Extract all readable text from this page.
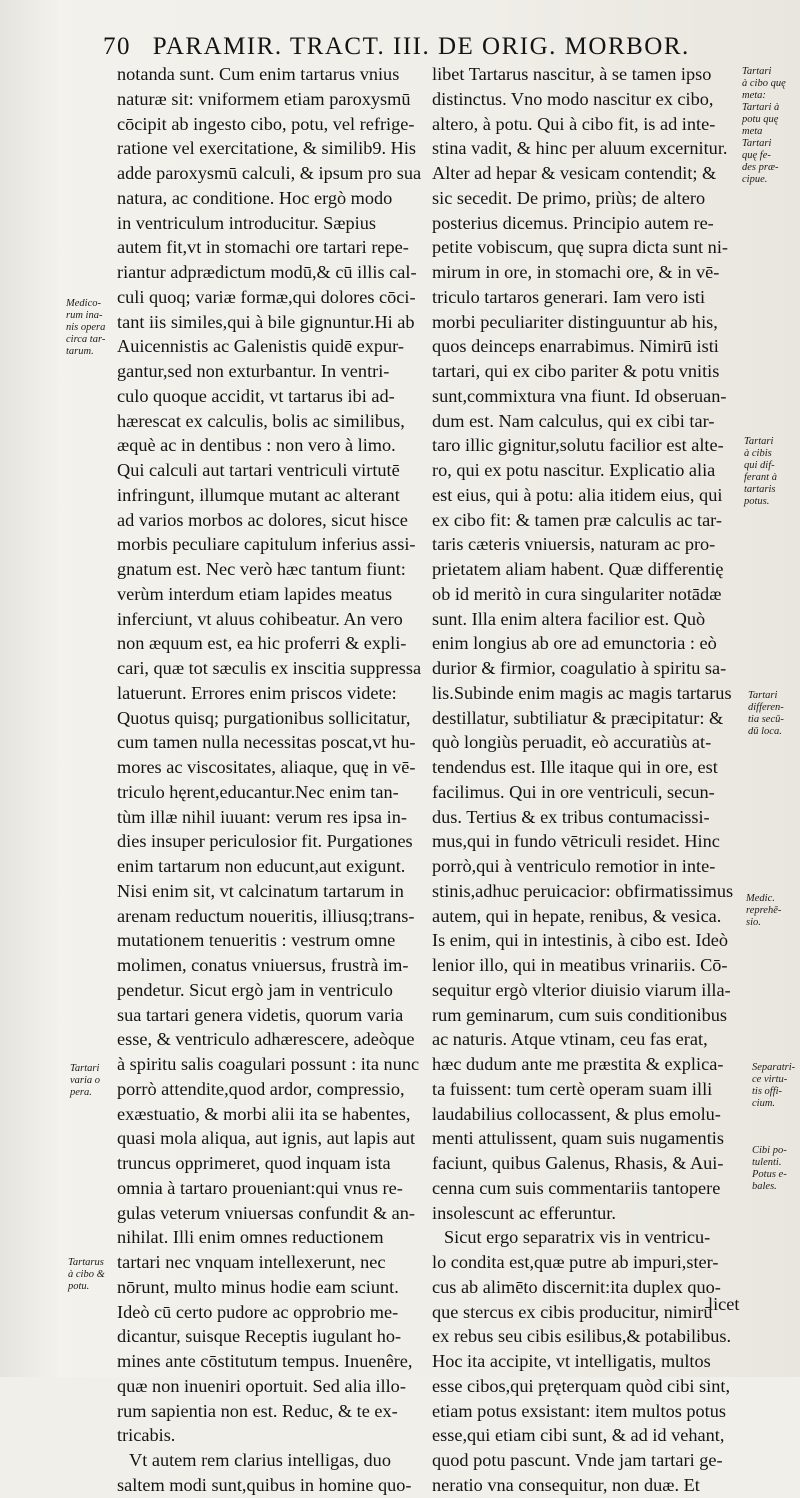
70 PARAMIR. TRACT. III. DE ORIG. MORBOR.
notanda sunt. Cum enim tartarus vnius
naturæ sit: vniformem etiam paroxysmū
cōcipit ab ingesto cibo, potu, vel refrige-
ratione vel exercitatione, & similib9. His
adde paroxysmū calculi, & ipsum pro sua
natura, ac conditione. Hoc ergò modo
in ventriculum introducitur. Sæpius
autem fit,vt in stomachi ore tartari repe-
riantur adprædictum modū,& cū illis cal-
culi quoq; variæ formæ,qui dolores cōci-
tant iis similes,qui à bile gignuntur.Hi ab
Auicennistis ac Galenistis quidē expur-
gantur,sed non exturbantur. In ventri-
culo quoque accidit, vt tartarus ibi ad-
hærescat ex calculis, bolis ac similibus,
æquè ac in dentibus : non vero à limo.
Qui calculi aut tartari ventriculi virtutē
infringunt, illumque mutant ac alterant
ad varios morbos ac dolores, sicut hisce
morbis peculiare capitulum inferius assi-
gnatum est. Nec verò hæc tantum fiunt:
verùm interdum etiam lapides meatus
inferciunt, vt aluus cohibeatur. An vero
non æquum est, ea hic proferri & expli-
cari, quæ tot sæculis ex inscitia suppressa
latuerunt. Errores enim priscos videte:
Quotus quisq; purgationibus sollicitatur,
cum tamen nulla necessitas poscat,vt hu-
mores ac viscositates, aliaque, quę in vē-
triculo hęrent,educantur.Nec enim tan-
tùm illæ nihil iuuant: verum res ipsa in-
dies insuper periculosior fit. Purgationes
enim tartarum non educunt,aut exigunt.
Nisi enim sit, vt calcinatum tartarum in
arenam reductum noueritis, illiusq;trans-
mutationem tenueritis : vestrum omne
molimen, conatus vniuersus, frustrà im-
pendetur. Sicut ergò jam in ventriculo
sua tartari genera videtis, quorum varia
esse, & ventriculo adhærescere, adeòque
à spiritu salis coagulari possunt : ita nunc
porrò attendite,quod ardor, compressio,
exæstuatio, & morbi alii ita se habentes,
quasi mola aliqua, aut ignis, aut lapis aut
truncus opprimeret, quod inquam ista
omnia à tartaro proueniant:qui vnus re-
gulas veterum vniuersas confundit & an-
nihilat. Illi enim omnes reductionem
tartari nec vnquam intellexerunt, nec
nōrunt, multo minus hodie eam sciunt.
Ideò cū certo pudore ac opprobrio me-
dicantur, suisque Receptis iugulant ho-
mines ante cōstitutum tempus. Inuenêre,
quæ non inueniri oportuit. Sed alia illo-
rum sapientia non est. Reduc, & te ex-
tricabis.
Vt autem rem clarius intelligas, duo
saltem modi sunt,quibus in homine quo-
libet Tartarus nascitur, à se tamen ipso
distinctus. Vno modo nascitur ex cibo,
altero, à potu. Qui à cibo fit, is ad inte-
stina vadit, & hinc per aluum excernitur.
Alter ad hepar & vesicam contendit; &
sic secedit. De primo, priùs; de altero
posterius dicemus. Principio autem re-
petite vobiscum, quę supra dicta sunt ni-
mirum in ore, in stomachi ore, & in vē-
triculo tartaros generari. Iam vero isti
morbi peculiariter distinguuntur ab his,
quos deinceps enarrabimus. Nimirū isti
tartari, qui ex cibo pariter & potu vnitis
sunt,commixtura vna fiunt. Id obseruan-
dum est. Nam calculus, qui ex cibi tar-
taro illic gignitur,solutu facilior est alte-
ro, qui ex potu nascitur. Explicatio alia
est eius, qui à potu: alia itidem eius, qui
ex cibo fit: & tamen præ calculis ac tar-
taris cæteris vniuersis, naturam ac pro-
prietatem aliam habent. Quæ differentię
ob id meritò in cura singulariter notādæ
sunt. Illa enim altera facilior est. Quò
enim longius ab ore ad emunctoria : eò
durior & firmior, coagulatio à spiritu sa-
lis.Subinde enim magis ac magis tartarus
destillatur, subtiliatur & præcipitatur: &
quò longiùs peruadit, eò accuratiùs at-
tendendus est. Ille itaque qui in ore, est
facilimus. Qui in ore ventriculi, secun-
dus. Tertius & ex tribus contumacissi-
mus,qui in fundo vētriculi residet. Hinc
porrò,qui à ventriculo remotior in inte-
stinis,adhuc peruicacior: obfirmatissimus
autem, qui in hepate, renibus, & vesica.
Is enim, qui in intestinis, à cibo est. Ideò
lenior illo, qui in meatibus vrinariis. Cō-
sequitur ergò vlterior diuisio viarum illa-
rum geminarum, cum suis conditionibus
ac naturis. Atque vtinam, ceu fas erat,
hæc dudum ante me præstita & explica-
ta fuissent: tum certè operam suam illi
laudabilius collocassent, & plus emolu-
menti attulissent, quam suis nugamentis
faciunt, quibus Galenus, Rhasis, & Aui-
cenna cum suis commentariis tantopere
insolescunt ac efferuntur.
Sicut ergo separatrix vis in ventricu-
lo condita est,quæ putre ab impuri,ster-
cus ab alimēto discernit:ita duplex quo-
que stercus ex cibis producitur, nimirū
ex rebus seu cibis esilibus,& potabilibus.
Hoc ita accipite, vt intelligatis, multos
esse cibos,qui pręterquam quòd cibi sint,
etiam potus exsistant: item multos potus
esse,qui etiam cibi sunt, & ad id vehant,
quod potu pascunt. Vnde jam tartari ge-
neratio vna consequitur, non duæ. Et
Medico-
rum ina-
nis opera
circa tar-
tarum.
Tartari
varia o
pera.
Tartarus
à cibo &
potu.
Tartari
à cibo quę
meta:
Tartari à
potu quę
meta
Tartari
quę fe-
des præ-
cipue.
Tartari
à cibis
qui dif-
ferant à
tartaris
potus.
Tartari
differen-
tia secū-
dū loca.
Medic.
reprehē-
sio.
Separatri-
ce virtu-
tis offi-
cium.
Cibi po-
tulenti.
Potus e-
bales.
licet
